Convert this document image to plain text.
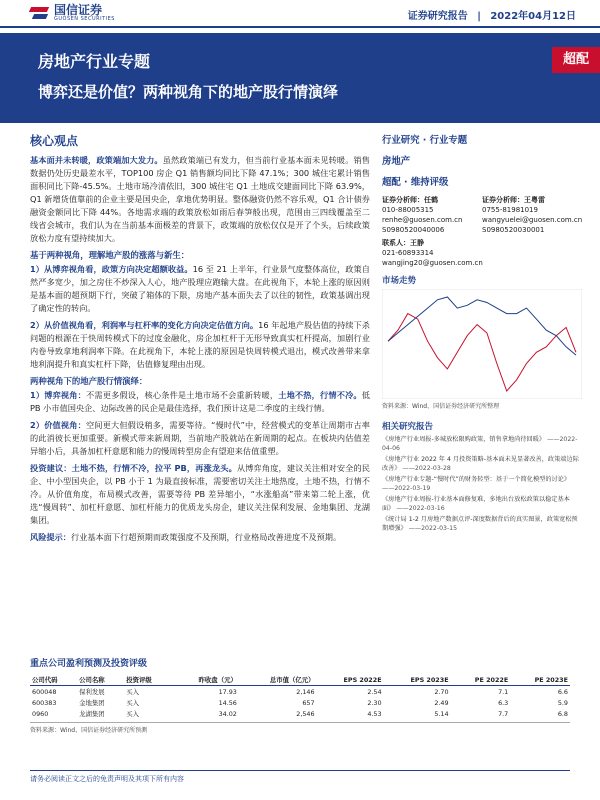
国信证券
GUOSEN SECURITIES	证券研究报告 | 2022年04月12日
房地产行业专题
博弈还是价值？两种视角下的地产股行情演绎
超配
核心观点

基本面并未转暖，政策端加大发力。虽然政策端已有发力，但当前行业基本面未见转暖。销售数据仍处历史最差水平，TOP100 房企 Q1 销售额均同比下降 47.1%；300 城住宅累计销售面积同比下降-45.5%。土地市场冷清依旧，300 城住宅 Q1 土地成交建面同比下降 63.9%，Q1 新增货值靠前的企业主要是国央企，拿地优势明显。整体融资仍然不容乐观，Q1 合计债券融资金额同比下降 44%。各地需求端的政策放松如雨后春笋般出现，范围由三四线覆盖至二线省会城市，我们认为在当前基本面极差的背景下，政策端的放松仅仅是开了个头，后续政策放松力度有望持续加大。

基于两种视角，理解地产股的涨落与新生：

1）从博弈视角看，政策方向决定超额收益。16 至 21 上半年，行业景气度整体高位，政策自然严多宽少，加之房住不炒深入人心，地产股理应跑输大盘。在此视角下，本轮上涨的原因则是基本面的超预期下行，突破了箱体的下限，房地产基本面失去了以往的韧性，政策基调出现了确定性的转向。

2）从价值视角看，利润率与杠杆率的变化方向决定估值方向。16 年起地产股估值的持续下杀问题的根源在于快周转模式下的过度金融化，房企加杠杆于无形导致真实杠杆提高，加剧行业内卷导致拿地利润率下降。在此视角下，本轮上涨的原因是快周转模式退出，模式改善带来拿地利润提升和真实杠杆下降，估值修复理由出现。

两种视角下的地产股行情演绎：

1）博弈视角：不需更多假设，核心条件是土地市场不会重新转暖，土地不热，行情不冷。低 PB 小市值国央企、边际改善的民企是最佳选择，我们预计这是二季度的主线行情。

2）价值视角：空间更大但假设稍多，需要等待。“慢时代”中，经营模式的变革让周期市古率的此消彼长更加重要。新模式带来新周期，当前地产股就站在新周期的起点。在板块内估值差异缩小后，具备加杠杆意愿和能力的慢周转型房企有望迎来估值重塑。

投资建议：土地不热，行情不冷，拉平 PB，再涨龙头。从博弈角度，建议关注相对安全的民企、中小型国央企，以 PB 小于 1 为最直接标准，需要密切关注土地热度，土地不热，行情不冷。从价值角度，布局模式改善，需要等待 PB 差异缩小，“水涨船高”带来第二轮上涨，优选“慢周转”、加杠杆意愿、加杠杆能力的优质龙头房企，建议关注保利发展、金地集团、龙湖集团。

风险提示：行业基本面下行超预期而政策强度不及预期，行业格局改善进度不及预期。

行业研究 · 行业专题
房地产
超配 · 维持评级
证券分析师：任鹤
010-88005315
renhe@guosen.com.cn
S0980520040006
证券分析师：王粤雷
0755-81981019
wangyuelei@guosen.com.cn
S0980520030001
联系人：王静
021-60893314
wangjing20@guosen.com.cn
市场走势
资料来源：Wind、国信证券经济研究所整理
相关研究报告
《房地产行业周报-多城放松限购政策，销售拿地尚待回暖》 ——2022-04-06
《房地产行业 2022 年 4 月投资策略-基本面未见显著改善，政策端边际改善》 ——2022-03-28
《房地产行业专题-“慢时代”的财务转型：基于一个简化模型的讨论》 ——2022-03-19
《房地产行业周报-行业基本面修复难，多地出台放松政策以稳定基本面》 ——2022-03-16
《统计局 1-2 月房地产数据点评-深度数据背后的真实图景，政策宽松预期增强》 ——2022-03-15
重点公司盈利预测及投资评级
公司代码	公司名称	投资评级	昨收盘（元）	总市值（亿元）	EPS 2022E	EPS 2023E	PE 2022E	PE 2023E
600048	保利发展	买入	17.93	2,146	2.54	2.70	7.1	6.6
600383	金地集团	买入	14.56	657	2.30	2.49	6.3	5.9
0960	龙湖集团	买入	34.02	2,546	4.53	5.14	7.7	6.8
资料来源：Wind、国信证券经济研究所预测
请务必阅读正文之后的免责声明及其项下所有内容
